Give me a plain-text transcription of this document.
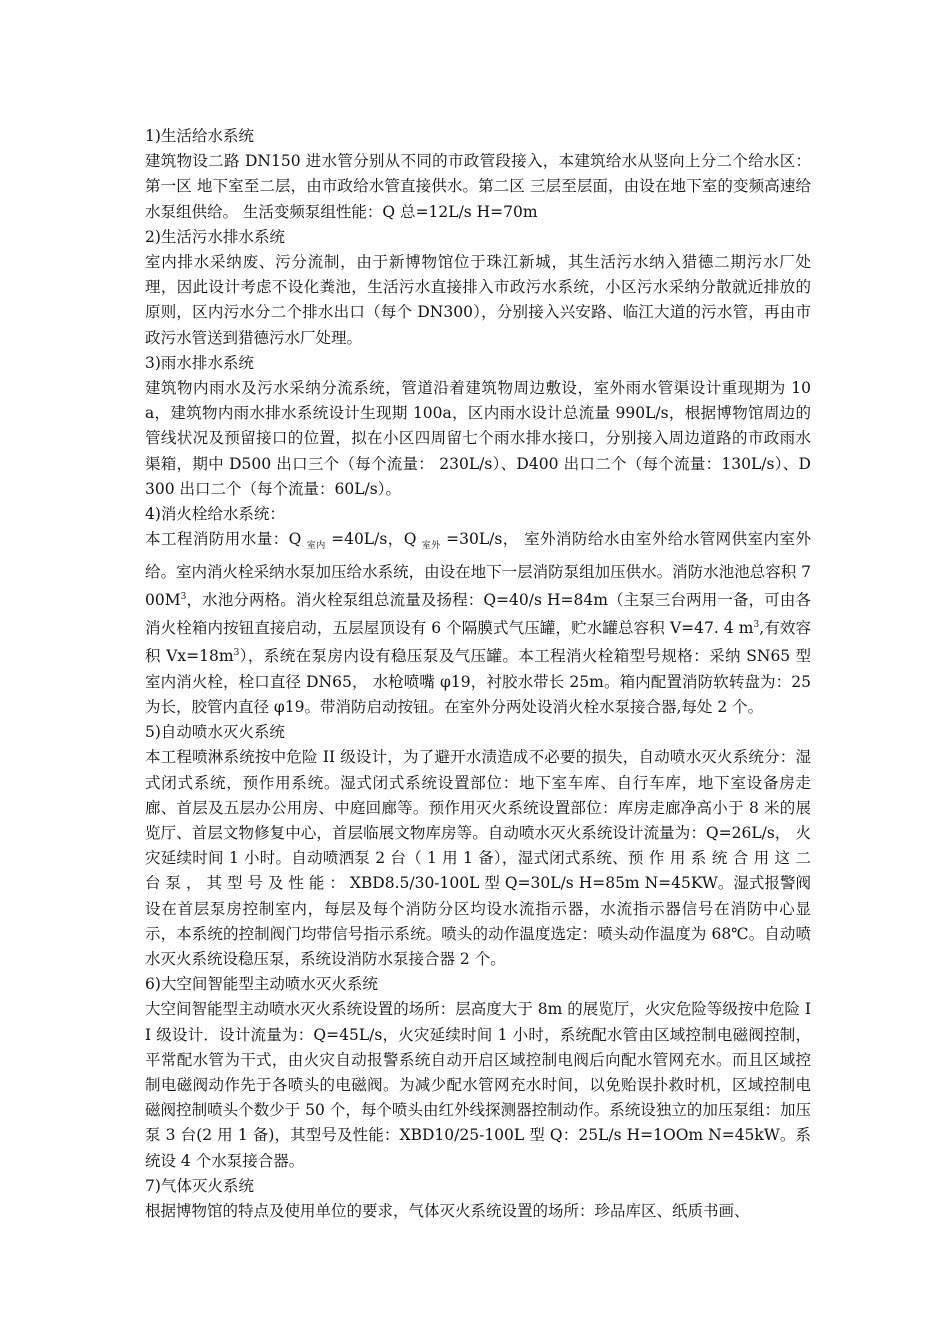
1)生活给水系统

建筑物设二路 DN150 进水管分别从不同的市政管段接入，本建筑给水从竖向上分二个给水区：第一区 地下室至二层，由市政给水管直接供水。第二区 三层至层面，由设在地下室的变频高速给水泵组供给。 生活变频泵组性能：Q 总=12L/s H=70m

2)生活污水排水系统

室内排水采纳废、污分流制，由于新博物馆位于珠江新城，其生活污水纳入猎德二期污水厂处理，因此设计考虑不设化粪池，生活污水直接排入市政污水系统，小区污水采纳分散就近排放的原则，区内污水分二个排水出口（每个 DN300），分别接入兴安路、临江大道的污水管，再由市政污水管送到猎德污水厂处理。

3)雨水排水系统

建筑物内雨水及污水采纳分流系统，管道沿着建筑物周边敷设，室外雨水管渠设计重现期为 10a，建筑物内雨水排水系统设计生现期 100a，区内雨水设计总流量 990L/s，根据博物馆周边的管线状况及预留接口的位置，拟在小区四周留七个雨水排水接口，分别接入周边道路的市政雨水渠箱，期中 D500 出口三个（每个流量： 230L/s）、D400 出口二个（每个流量：130L/s）、D300 出口二个（每个流量：60L/s）。

4)消火栓给水系统：

本工程消防用水量：Q $_{室内}$ =40L/s，Q $_{室外}$ =30L/s， 室外消防给水由室外给水管网供室内室外给。室内消火栓采纳水泵加压给水系统，由设在地下一层消防泵组加压供水。消防水池池总容积 $700M^3$，水池分两格。消火栓泵组总流量及扬程：Q=40/s H=84m（主泵三台两用一备，可由各消火栓箱内按钮直接启动，五层屋顶设有 6 个隔膜式气压罐，贮水罐总容积 V=47. 4 $m^3$,有效容积 $Vx=18m^3$），系统在泵房内设有稳压泵及气压罐。本工程消火栓箱型号规格：采纳 SN65 型室内消火栓，栓口直径 DN65， 水枪喷嘴 φ19，衬胶水带长 25m。箱内配置消防软转盘为：25 为长，胶管内直径 φ19。带消防启动按钮。在室外分两处设消火栓水泵接合器,每处 2 个。

5)自动喷水灭火系统

本工程喷淋系统按中危险 II 级设计，为了避开水渍造成不必要的损失，自动喷水灭火系统分：湿式闭式系统，预作用系统。湿式闭式系统设置部位：地下室车库、自行车库，地下室设备房走廊、首层及五层办公用房、中庭回廊等。预作用灭火系统设置部位：库房走廊净高小于 8 米的展览厅、首层文物修复中心，首层临展文物库房等。自动喷水灭火系统设计流量为：Q=26L/s， 火灾延续时间 1 小时。自动喷洒泵 2 台（ 1 用 1 备），湿式闭式系统、预 作 用 系 统 合 用 这 二 台 泵 ， 其 型 号 及 性 能 ： XBD8.5/30-100L 型 Q=30L/s H=85m N=45KW。湿式报警阀设在首层泵房控制室内，每层及每个消防分区均设水流指示器，水流指示器信号在消防中心显示，本系统的控制阀门均带信号指示系统。喷头的动作温度选定：喷头动作温度为 68℃。自动喷水灭火系统设稳压泵，系统设消防水泵接合器 2 个。

6)大空间智能型主动喷水灭火系统

大空间智能型主动喷水灭火系统设置的场所：层高度大于 8m 的展览厅，火灾危险等级按中危险 II 级设计．设计流量为：Q=45L/s，火灾延续时间 1 小时，系统配水管由区域控制电磁阀控制，平常配水管为干式，由火灾自动报警系统自动开启区域控制电阀后向配水管网充水。而且区域控制电磁阀动作先于各喷头的电磁阀。为减少配水管网充水时间，以免贻误扑救时机，区域控制电磁阀控制喷头个数少于 50 个，每个喷头由红外线探测器控制动作。系统设独立的加压泵组：加压泵 3 台(2 用 1 备)，其型号及性能：XBD10/25-100L 型 Q：25L/s H=1OOm N=45kW。系统设 4 个水泵接合器。

7)气体灭火系统

根据博物馆的特点及使用单位的要求，气体灭火系统设置的场所：珍品库区、纸质书画、
